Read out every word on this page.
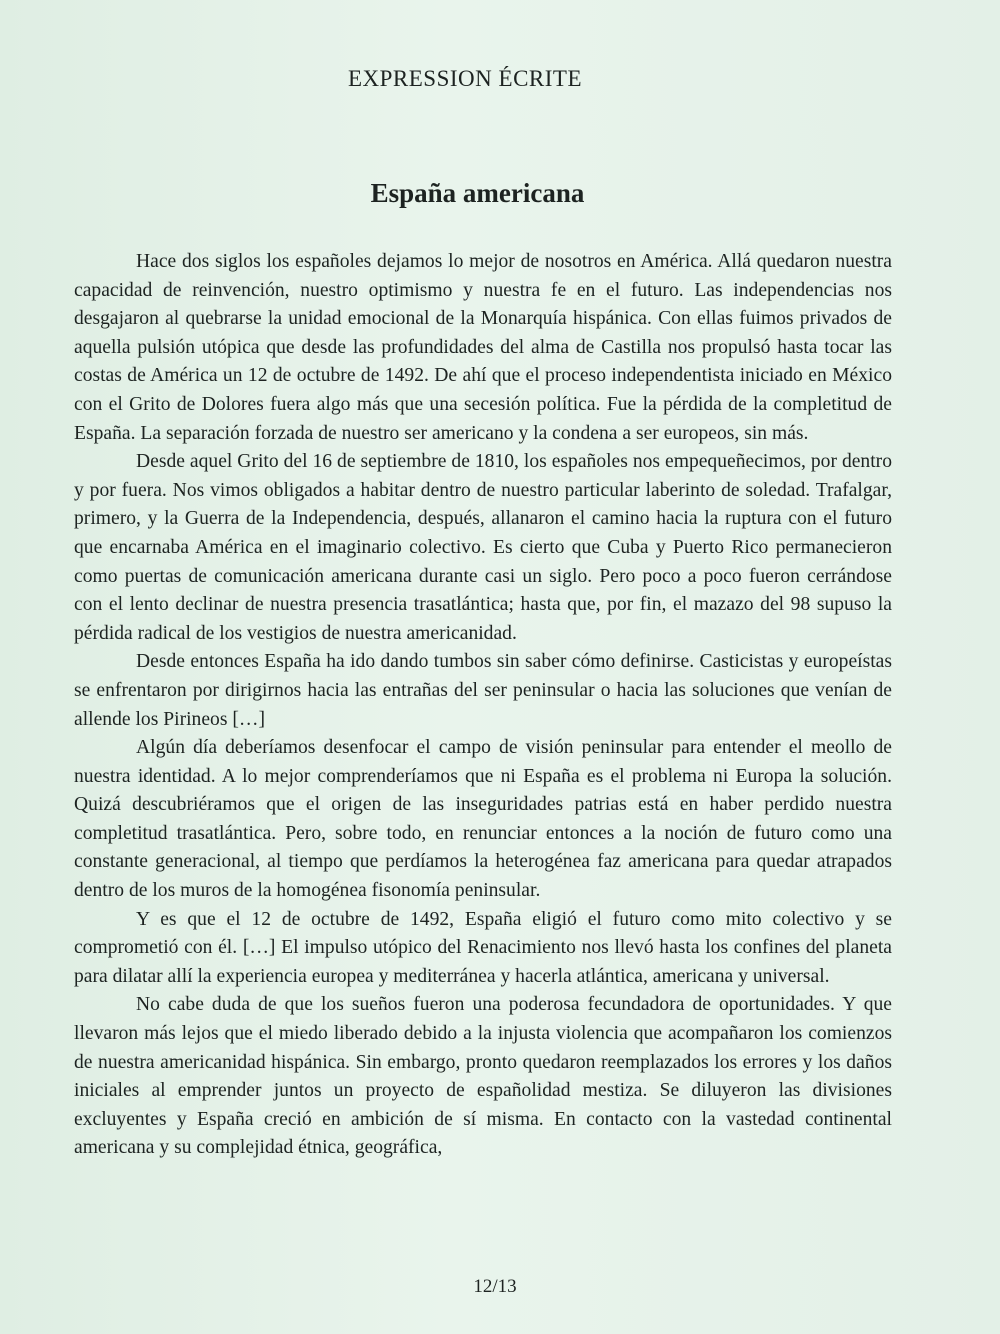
EXPRESSION ÉCRITE
España americana

Hace dos siglos los españoles dejamos lo mejor de nosotros en América. Allá quedaron nuestra capacidad de reinvención, nuestro optimismo y nuestra fe en el futuro. Las independencias nos desgajaron al quebrarse la unidad emocional de la Monarquía hispánica. Con ellas fuimos privados de aquella pulsión utópica que desde las profundidades del alma de Castilla nos propulsó hasta tocar las costas de América un 12 de octubre de 1492. De ahí que el proceso independentista iniciado en México con el Grito de Dolores fuera algo más que una secesión política. Fue la pérdida de la completitud de España. La separación forzada de nuestro ser americano y la condena a ser europeos, sin más.

Desde aquel Grito del 16 de septiembre de 1810, los españoles nos empequeñecimos, por dentro y por fuera. Nos vimos obligados a habitar dentro de nuestro particular laberinto de soledad. Trafalgar, primero, y la Guerra de la Independencia, después, allanaron el camino hacia la ruptura con el futuro que encarnaba América en el imaginario colectivo. Es cierto que Cuba y Puerto Rico permanecieron como puertas de comunicación americana durante casi un siglo. Pero poco a poco fueron cerrándose con el lento declinar de nuestra presencia trasatlántica; hasta que, por fin, el mazazo del 98 supuso la pérdida radical de los vestigios de nuestra americanidad.

Desde entonces España ha ido dando tumbos sin saber cómo definirse. Casticistas y europeístas se enfrentaron por dirigirnos hacia las entrañas del ser peninsular o hacia las soluciones que venían de allende los Pirineos […]

Algún día deberíamos desenfocar el campo de visión peninsular para entender el meollo de nuestra identidad. A lo mejor comprenderíamos que ni España es el problema ni Europa la solución. Quizá descubriéramos que el origen de las inseguridades patrias está en haber perdido nuestra completitud trasatlántica. Pero, sobre todo, en renunciar entonces a la noción de futuro como una constante generacional, al tiempo que perdíamos la heterogénea faz americana para quedar atrapados dentro de los muros de la homogénea fisonomía peninsular.

Y es que el 12 de octubre de 1492, España eligió el futuro como mito colectivo y se comprometió con él. […] El impulso utópico del Renacimiento nos llevó hasta los confines del planeta para dilatar allí la experiencia europea y mediterránea y hacerla atlántica, americana y universal.

No cabe duda de que los sueños fueron una poderosa fecundadora de oportunidades. Y que llevaron más lejos que el miedo liberado debido a la injusta violencia que acompañaron los comienzos de nuestra americanidad hispánica. Sin embargo, pronto quedaron reemplazados los errores y los daños iniciales al emprender juntos un proyecto de españolidad mestiza. Se diluyeron las divisiones excluyentes y España creció en ambición de sí misma. En contacto con la vastedad continental americana y su complejidad étnica, geográfica,

12/13
